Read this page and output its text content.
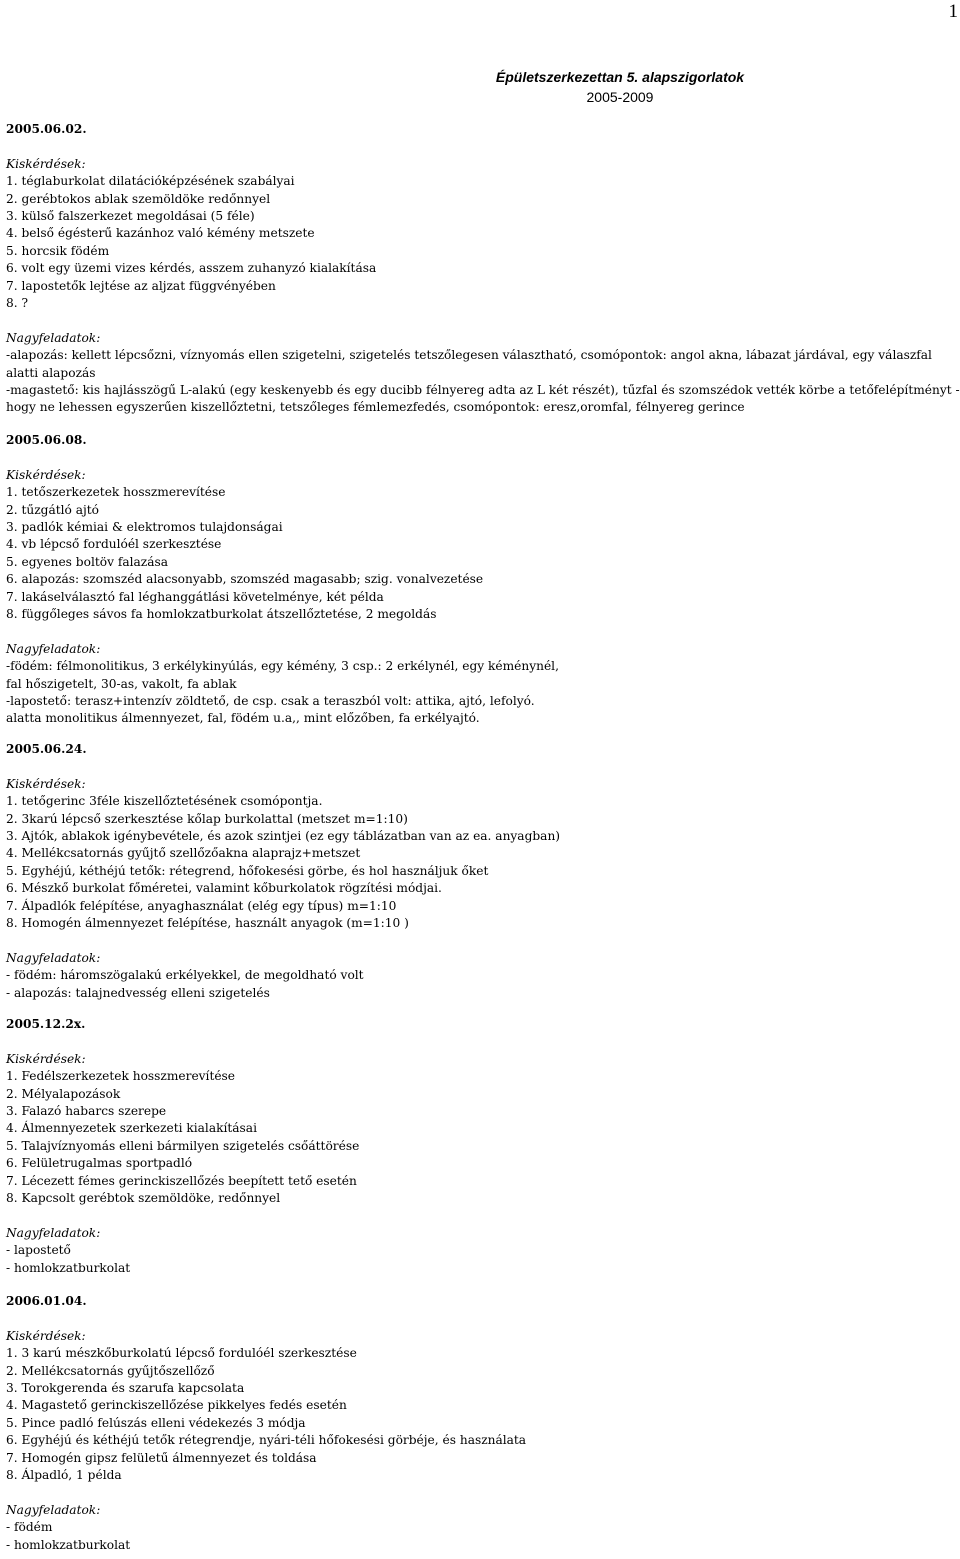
1
Épületszerkezettan 5. alapszigorlatok
2005-2009
2005.06.02.
Kiskérdések:
1. téglaburkolat dilatációképzésének szabályai
2. gerébtokos ablak szemöldöke redőnnyel
3. külső falszerkezet megoldásai (5 féle)
4. belső égésterű kazánhoz való kémény metszete
5. horcsik födém
6. volt egy üzemi vizes kérdés, asszem zuhanyzó kialakítása
7. lapostetők lejtése az aljzat függvényében
8. ?
Nagyfeladatok:
-alapozás: kellett lépcsőzni, víznyomás ellen szigetelni, szigetelés tetszőlegesen választható, csomópontok: angol akna, lábazat járdával, egy válaszfal alatti alapozás
-magastető: kis hajlásszögű L-alakú (egy keskenyebb és egy ducibb félnyereg adta az L két részét), tűzfal és szomszédok vették körbe a tetőfelépítményt - hogy ne lehessen egyszerűen kiszellőztetni, tetszőleges fémlemezfedés, csomópontok: eresz,oromfal, félnyereg gerince
2005.06.08.
Kiskérdések:
1. tetőszerkezetek hosszmerevítése
2. tűzgátló ajtó
3. padlók kémiai & elektromos tulajdonságai
4. vb lépcső fordulóél szerkesztése
5. egyenes boltöv falazása
6. alapozás: szomszéd alacsonyabb, szomszéd magasabb; szig. vonalvezetése
7. lakáselválasztó fal léghanggátlási követelménye, két példa
8. függőleges sávos fa homlokzatburkolat átszellőztetése, 2 megoldás
Nagyfeladatok:
-födém: félmonolitikus, 3 erkélykinyúlás, egy kémény, 3 csp.: 2 erkélynél, egy kéménynél,
fal hőszigetelt, 30-as, vakolt, fa ablak
-lapostető: terasz+intenzív zöldtető, de csp. csak a teraszból volt: attika, ajtó, lefolyó.
alatta monolitikus álmennyezet, fal, födém u.a,, mint előzőben, fa erkélyajtó.
2005.06.24.
Kiskérdések:
1. tetőgerinc 3féle kiszellőztetésének csomópontja.
2. 3karú lépcső szerkesztése kőlap burkolattal (metszet m=1:10)
3. Ajtók, ablakok igénybevétele, és azok szintjei (ez egy táblázatban van az ea. anyagban)
4. Mellékcsatornás gyűjtő szellőzőakna alaprajz+metszet
5. Egyhéjú, kéthéjú tetők: rétegrend, hőfokesési görbe, és hol használjuk őket
6. Mészkő burkolat főméretei, valamint kőburkolatok rögzítési módjai.
7. Álpadlók felépítése, anyaghasználat (elég egy típus) m=1:10
8. Homogén álmennyezet felépítése, használt anyagok (m=1:10 )
Nagyfeladatok:
- födém: háromszögalakú erkélyekkel, de megoldható volt
- alapozás: talajnedvesség elleni szigetelés
2005.12.2x.
Kiskérdések:
1. Fedélszerkezetek hosszmerevítése
2. Mélyalapozások
3. Falazó habarcs szerepe
4. Álmennyezetek szerkezeti kialakításai
5. Talajvíznyomás elleni bármilyen szigetelés csőáttörése
6. Felületrugalmas sportpadló
7. Lécezett fémes gerinckiszellőzés beepített tető esetén
8. Kapcsolt gerébtok szemöldöke, redőnnyel
Nagyfeladatok:
- lapostető
- homlokzatburkolat
2006.01.04.
Kiskérdések:
1. 3 karú mészkőburkolatú lépcső fordulóél szerkesztése
2. Mellékcsatornás gyűjtőszellőző
3. Torokgerenda és szarufa kapcsolata
4. Magastető gerinckiszellőzése pikkelyes fedés esetén
5. Pince padló felúszás elleni védekezés 3 módja
6. Egyhéjú és kéthéjú tetők rétegrendje, nyári-téli hőfokesési görbéje, és használata
7. Homogén gipsz felületű álmennyezet és toldása
8. Álpadló, 1 példa
Nagyfeladatok:
- födém
- homlokzatburkolat
